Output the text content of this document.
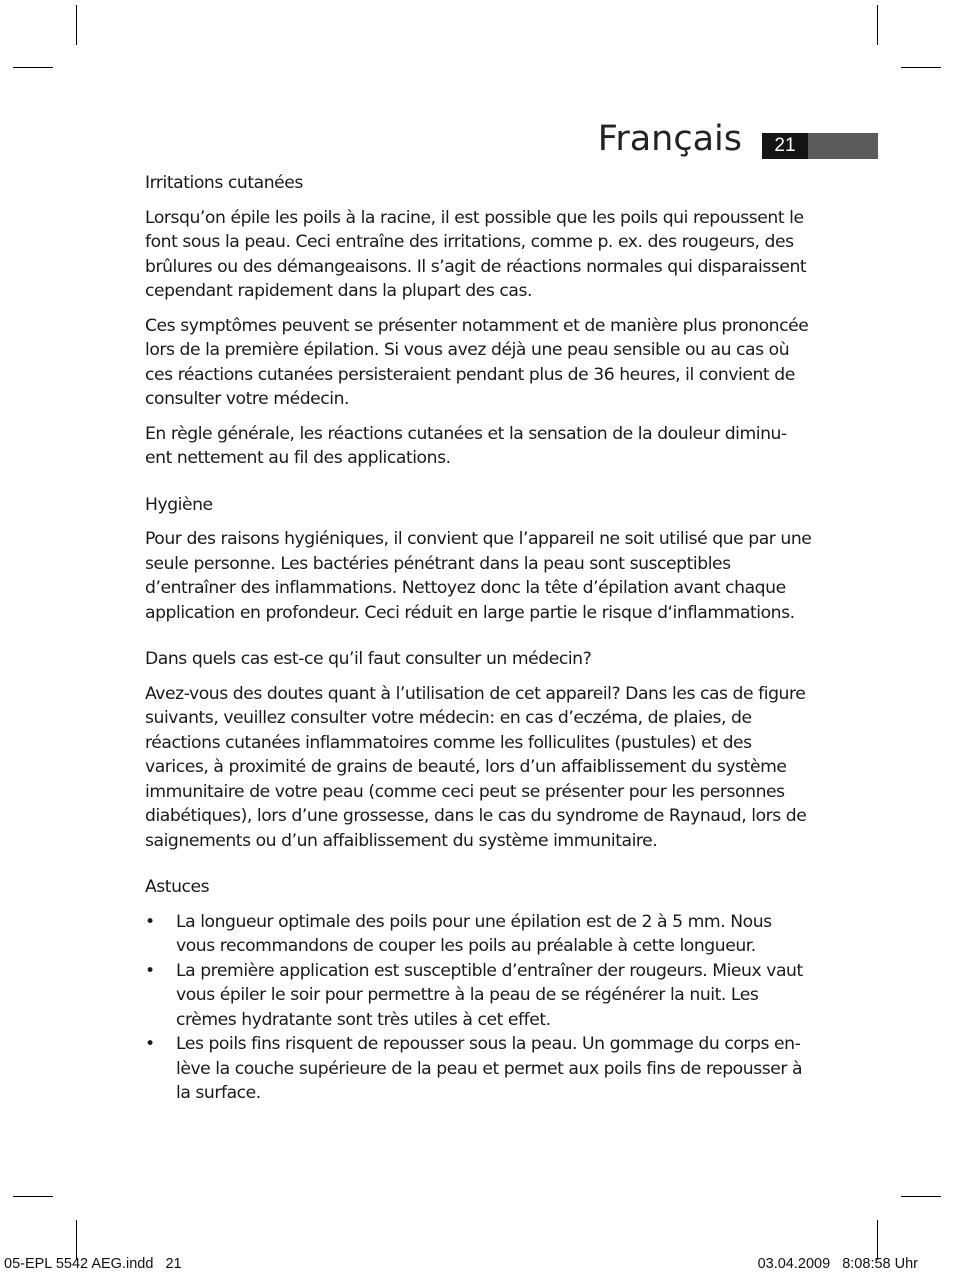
Français	21
Irritations cutanées

Lorsqu’on épile les poils à la racine, il est possible que les poils qui repoussent le font sous la peau. Ceci entraîne des irritations, comme p. ex. des rougeurs, des brûlures ou des démangeaisons. Il s’agit de réactions normales qui disparaissent cependant rapidement dans la plupart des cas.

Ces symptômes peuvent se présenter notamment et de manière plus prononcée lors de la première épilation. Si vous avez déjà une peau sensible ou au cas où ces réactions cutanées persisteraient pendant plus de 36 heures, il convient de consulter votre médecin.

En règle générale, les réactions cutanées et la sensation de la douleur diminu- ent nettement au fil des applications.

Hygiène

Pour des raisons hygiéniques, il convient que l’appareil ne soit utilisé que par une seule personne. Les bactéries pénétrant dans la peau sont susceptibles d’entraîner des inflammations. Nettoyez donc la tête d’épilation avant chaque application en profondeur. Ceci réduit en large partie le risque d‘inflammations.

Dans quels cas est-ce qu’il faut consulter un médecin?

Avez-vous des doutes quant à l’utilisation de cet appareil? Dans les cas de figure suivants, veuillez consulter votre médecin: en cas d’eczéma, de plaies, de réactions cutanées inflammatoires comme les folliculites (pustules) et des varices, à proximité de grains de beauté, lors d’un affaiblissement du système immunitaire de votre peau (comme ceci peut se présenter pour les personnes diabétiques), lors d’une grossesse, dans le cas du syndrome de Raynaud, lors de saignements ou d’un affaiblissement du système immunitaire.

Astuces
• La longueur optimale des poils pour une épilation est de 2 à 5 mm. Nous vous recommandons de couper les poils au préalable à cette longueur.
• La première application est susceptible d’entraîner der rougeurs. Mieux vaut vous épiler le soir pour permettre à la peau de se régénérer la nuit. Les crèmes hydratante sont très utiles à cet effet.
• Les poils fins risquent de repousser sous la peau. Un gommage du corps en- lève la couche supérieure de la peau et permet aux poils fins de repousser à la surface.
05-EPL 5542 AEG.indd   21	03.04.2009   8:08:58 Uhr
